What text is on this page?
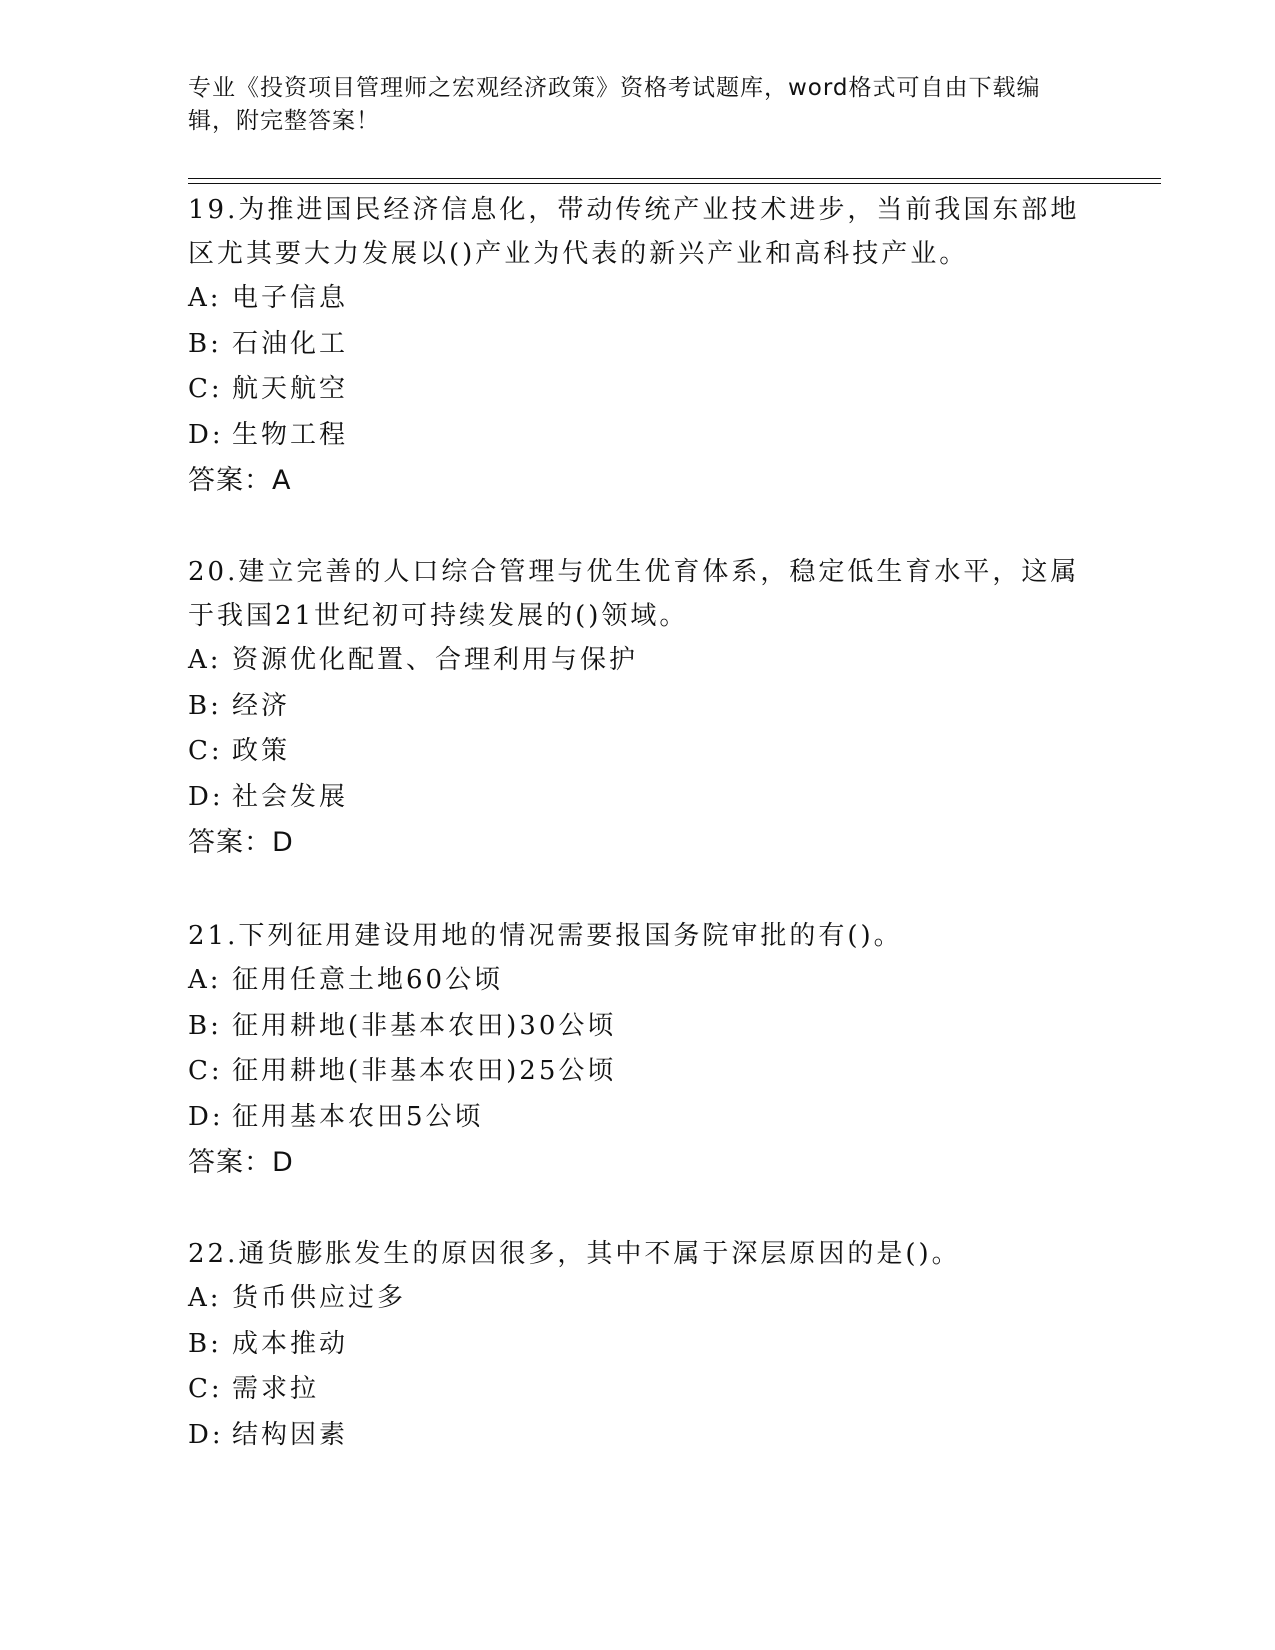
专业《投资项目管理师之宏观经济政策》资格考试题库，word格式可自由下载编辑，附完整答案！

19.为推进国民经济信息化，带动传统产业技术进步，当前我国东部地区尤其要大力发展以()产业为代表的新兴产业和高科技产业。

A: 电子信息

B: 石油化工

C: 航天航空

D: 生物工程

答案：A

20.建立完善的人口综合管理与优生优育体系，稳定低生育水平，这属于我国21世纪初可持续发展的()领域。

A: 资源优化配置、合理利用与保护

B: 经济

C: 政策

D: 社会发展

答案：D

21.下列征用建设用地的情况需要报国务院审批的有()。

A: 征用任意土地60公顷

B: 征用耕地(非基本农田)30公顷

C: 征用耕地(非基本农田)25公顷

D: 征用基本农田5公顷

答案：D

22.通货膨胀发生的原因很多，其中不属于深层原因的是()。

A: 货币供应过多

B: 成本推动

C: 需求拉

D: 结构因素
